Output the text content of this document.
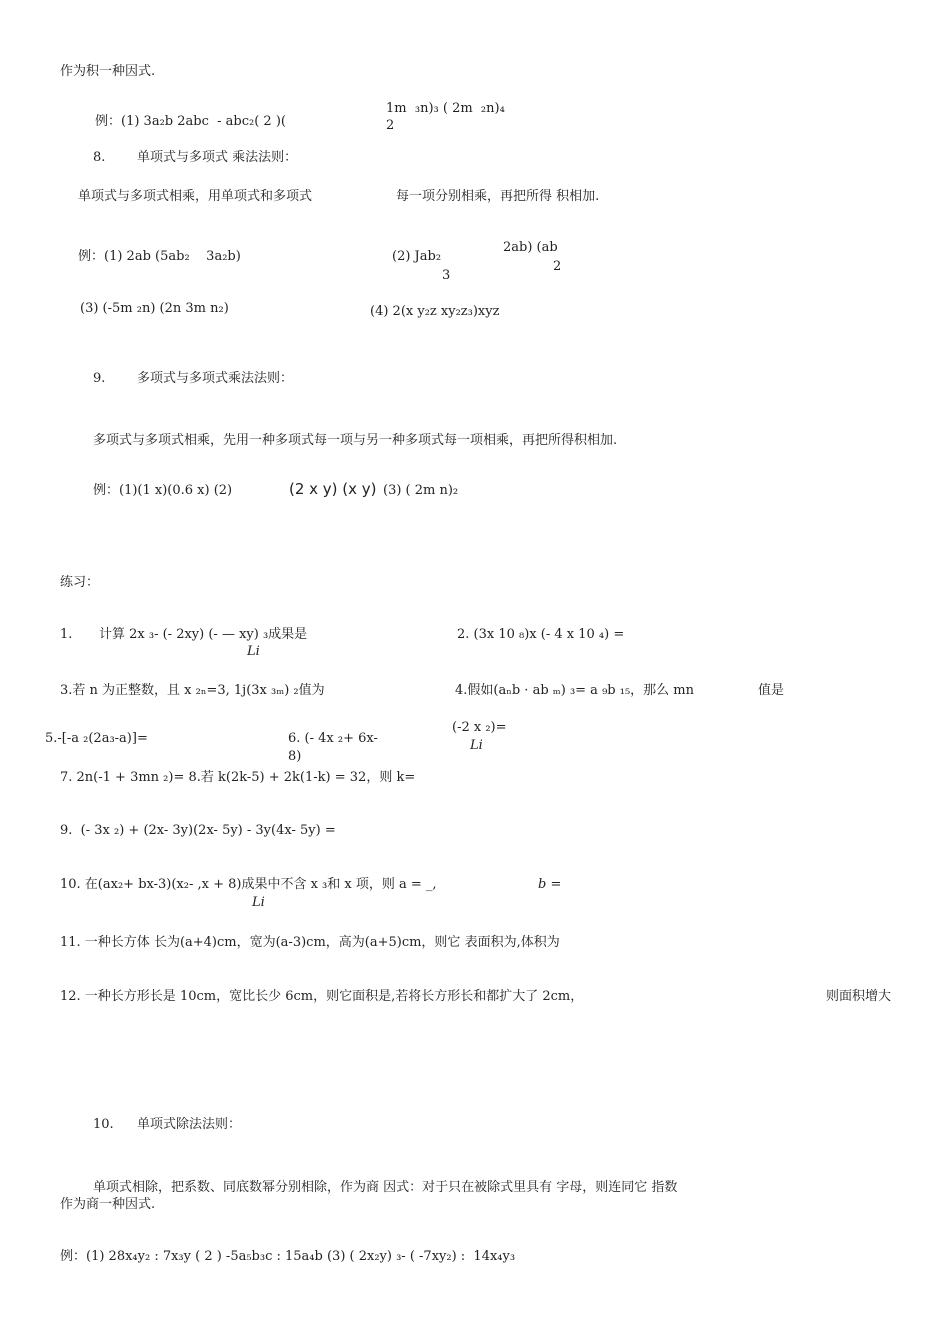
作为积一种因式.
例：(1) 3a₂b 2abc  - abc₂( 2 )(
1m  ₃n)₃ ( 2m  ₂n)₄
2
8. 单项式与多项式 乘法法则：
单项式与多项式相乘，用单项式和多项式	每一项分别相乘，再把所得 积相加.
例：(1) 2ab (5ab₂    3a₂b)	(2) Jab₂
3
2ab) (ab
2
(3) (-5m ₂n) (2n 3m n₂)	(4) 2(x y₂z xy₂z₃)xyz
9. 多项式与多项式乘法法则：
多项式与多项式相乘，先用一种多项式每一项与另一种多项式每一项相乘，再把所得积相加.
例：(1)(1 x)(0.6 x) (2)	(2 x y) (x y) (3) ( 2m n)₂
练习：
1. 计算 2x ₃- (- 2xy) (- — xy) ₃成果是
Li
2. (3x 10 ₈)x (- 4 x 10 ₄) =
3.若 n 为正整数，且 x ₂ₙ=3, 1j(3x ₃ₘ) ₂值为	4.假如(aₙb · ab ₘ) ₃= a ₉b ₁₅，那么 mn	值是
5.-[-a ₂(2a₃-a)]=	6. (- 4x ₂+ 6x-
8)
(-2 x ₂)=
Li
7. 2n(-1 + 3mn ₂)= 8.若 k(2k-5) + 2k(1-k) = 32，则 k=
9.  (- 3x ₂) + (2x- 3y)(2x- 5y) - 3y(4x- 5y) =
10. 在(ax₂+ bx-3)(x₂- ,x + 8)成果中不含 x ₃和 x 项，则 a = _,	b =
Li
11. 一种长方体 长为(a+4)cm，宽为(a-3)cm，高为(a+5)cm，则它 表面积为,体积为
12. 一种长方形长是 10cm，宽比长少 6cm，则它面积是,若将长方形长和都扩大了 2cm，	则面积增大
10. 单项式除法法则：
单项式相除，把系数、同底数幂分别相除，作为商 因式：对于只在被除式里具有 字母，则连同它 指数
作为商一种因式.
例：(1) 28x₄y₂ : 7x₃y ( 2 ) -5a₅b₃c : 15a₄b (3) ( 2x₂y) ₃- ( -7xy₂) :  14x₄y₃
